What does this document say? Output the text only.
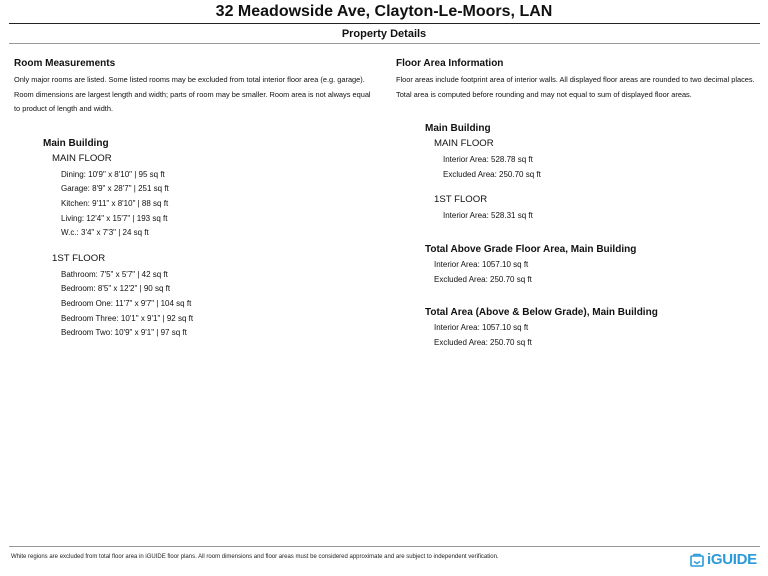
32 Meadowside Ave, Clayton-Le-Moors, LAN
Property Details
Room Measurements

Only major rooms are listed. Some listed rooms may be excluded from total interior floor area (e.g. garage). Room dimensions are largest length and width; parts of room may be smaller. Room area is not always equal to product of length and width.

Main Building
MAIN FLOOR
Dining: 10'9" x 8'10" | 95 sq ft
Garage: 8'9" x 28'7" | 251 sq ft
Kitchen: 9'11" x 8'10" | 88 sq ft
Living: 12'4" x 15'7" | 193 sq ft
W.c.: 3'4" x 7'3" | 24 sq ft
1ST FLOOR
Bathroom: 7'5" x 5'7" | 42 sq ft
Bedroom: 8'5" x 12'2" | 90 sq ft
Bedroom One: 11'7" x 9'7" | 104 sq ft
Bedroom Three: 10'1" x 9'1" | 92 sq ft
Bedroom Two: 10'9" x 9'1" | 97 sq ft
Floor Area Information

Floor areas include footprint area of interior walls. All displayed floor areas are rounded to two decimal places. Total area is computed before rounding and may not equal to sum of displayed floor areas.

Main Building
MAIN FLOOR
Interior Area: 528.78 sq ft
Excluded Area: 250.70 sq ft
1ST FLOOR
Interior Area: 528.31 sq ft
Total Above Grade Floor Area, Main Building
Interior Area: 1057.10 sq ft
Excluded Area: 250.70 sq ft
Total Area (Above & Below Grade), Main Building
Interior Area: 1057.10 sq ft
Excluded Area: 250.70 sq ft
White regions are excluded from total floor area in iGUIDE floor plans. All room dimensions and floor areas must be considered approximate and are subject to independent verification.	iGUIDE
